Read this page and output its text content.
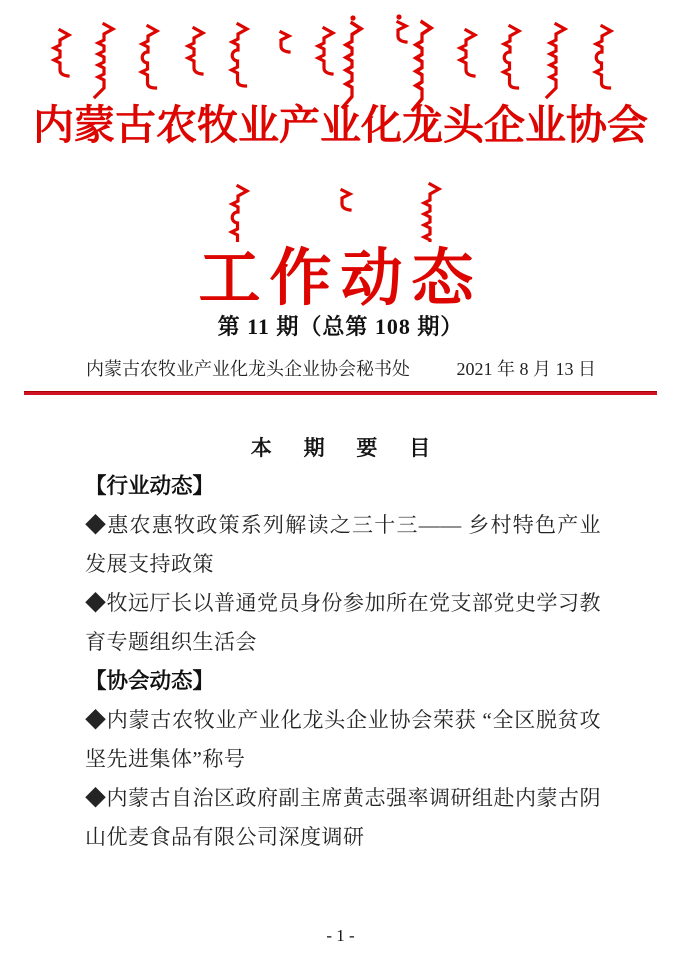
内蒙古农牧业产业化龙头企业协会
工作动态
第 11 期（总第 108 期）
内蒙古农牧业产业化龙头企业协会秘书处	2021 年 8 月 13 日
本 期 要 目
【行业动态】
◆惠农惠牧政策系列解读之三十三—— 乡村特色产业发展支持政策
◆牧远厅长以普通党员身份参加所在党支部党史学习教育专题组织生活会
【协会动态】
◆内蒙古农牧业产业化龙头企业协会荣获 “全区脱贫攻坚先进集体”称号
◆内蒙古自治区政府副主席黄志强率调研组赴内蒙古阴山优麦食品有限公司深度调研
- 1 -
